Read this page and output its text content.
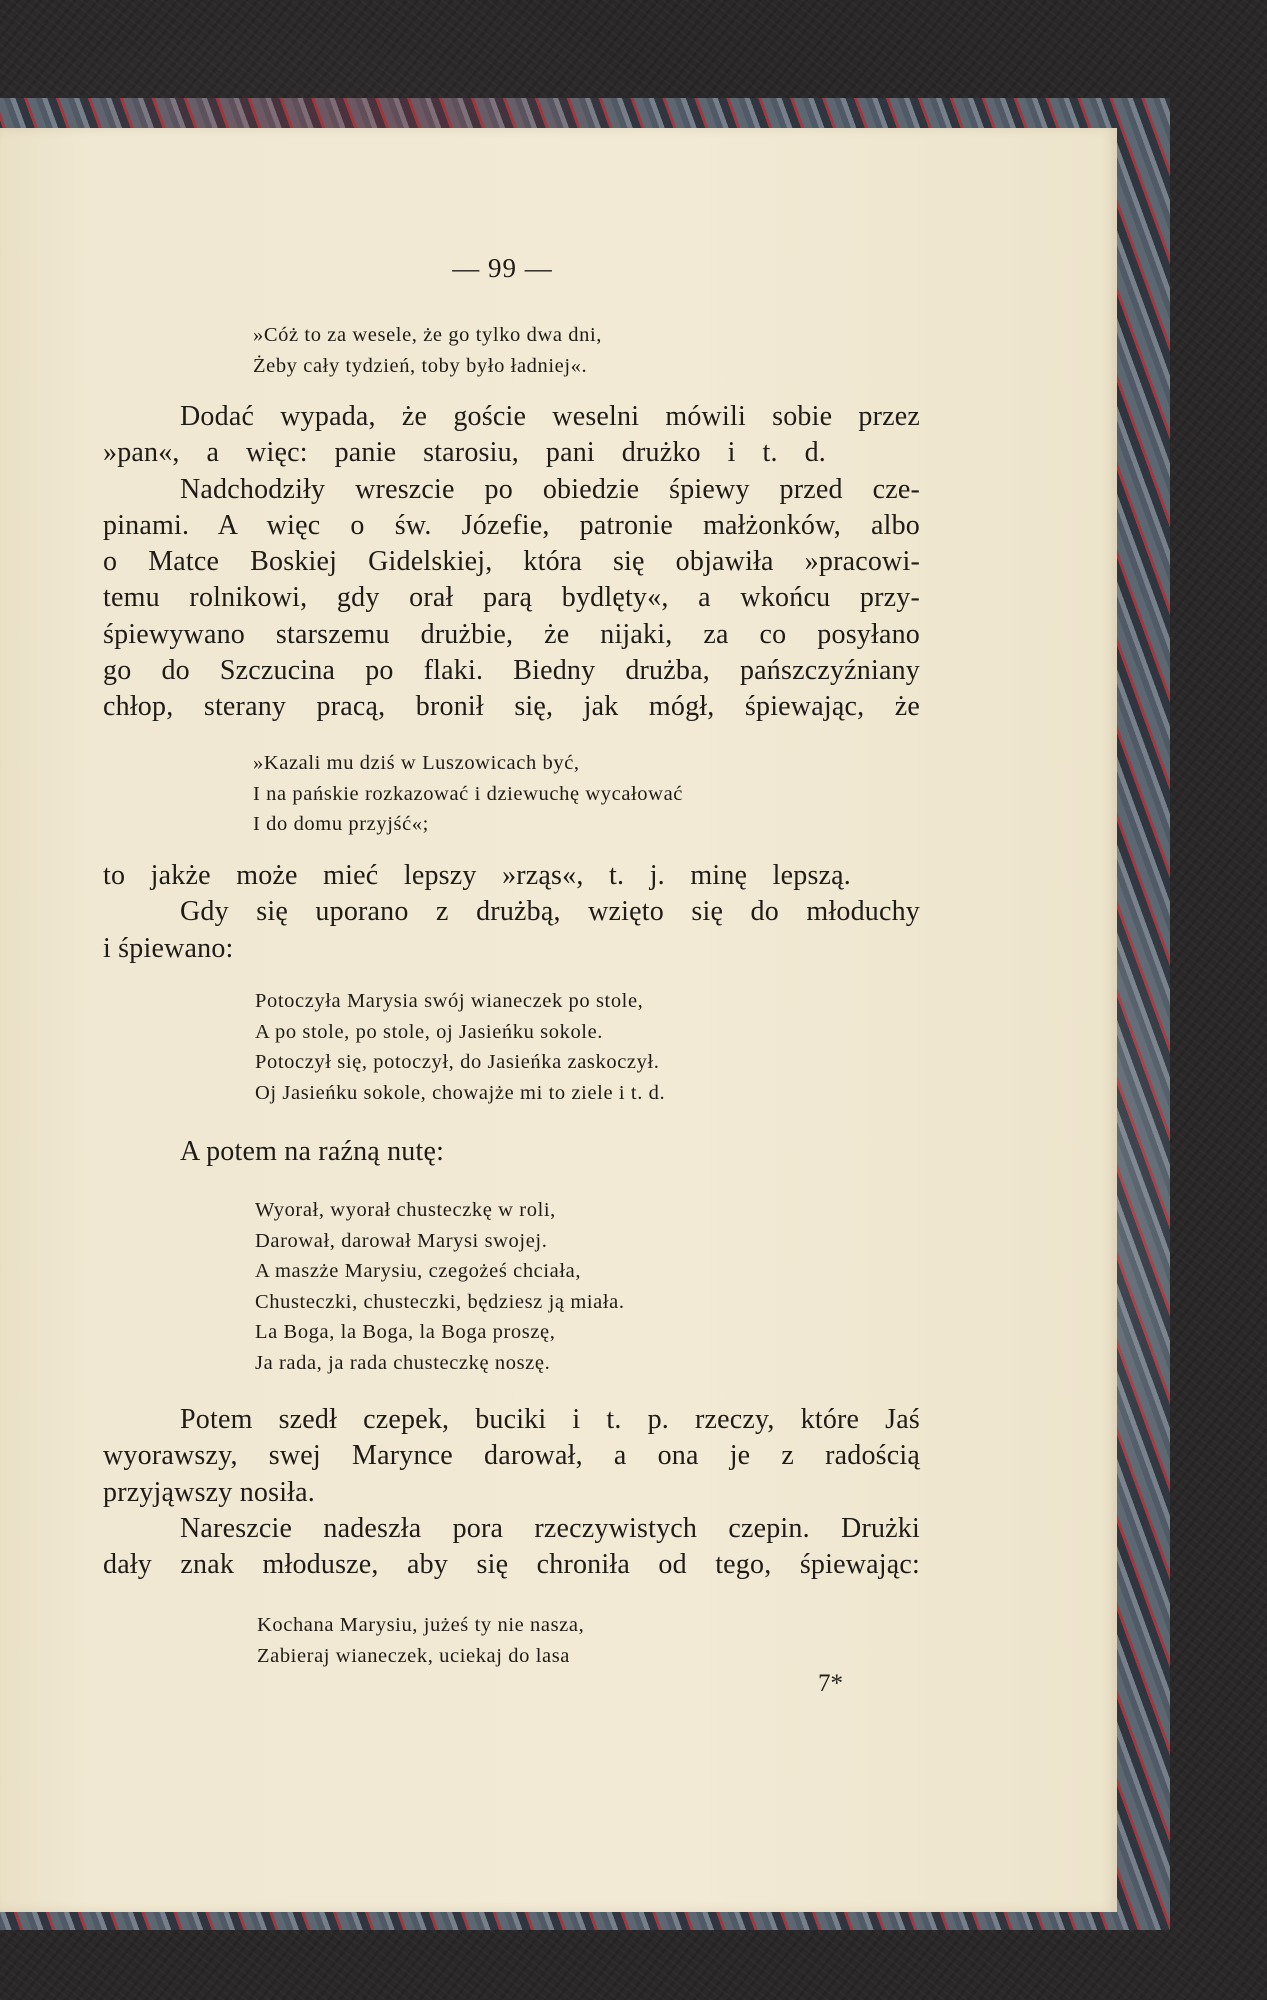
— 99 —
»Cóż to za wesele, że go tylko dwa dni,
Żeby cały tydzień, toby było ładniej«.
Dodać wypada, że goście weselni mówili sobie przez
»pan«, a więc: panie starosiu, pani drużko i t. d.
Nadchodziły wreszcie po obiedzie śpiewy przed cze-
pinami. A więc o św. Józefie, patronie małżonków, albo
o Matce Boskiej Gidelskiej, która się objawiła »pracowi-
temu rolnikowi, gdy orał parą bydlęty«, a wkońcu przy-
śpiewywano starszemu drużbie, że nijaki, za co posyłano
go do Szczucina po flaki. Biedny drużba, pańszczyźniany
chłop, sterany pracą, bronił się, jak mógł, śpiewając, że
»Kazali mu dziś w Luszowicach być,
I na pańskie rozkazować i dziewuchę wycałować
I do domu przyjść«;
to jakże może mieć lepszy »rząs«, t. j. minę lepszą.
Gdy się uporano z drużbą, wzięto się do młoduchy
i śpiewano:
Potoczyła Marysia swój wianeczek po stole,
A po stole, po stole, oj Jasieńku sokole.
Potoczył się, potoczył, do Jasieńka zaskoczył.
Oj Jasieńku sokole, chowajże mi to ziele i t. d.
A potem na raźną nutę:
Wyorał, wyorał chusteczkę w roli,
Darował, darował Marysi swojej.
A maszże Marysiu, czegożeś chciała,
Chusteczki, chusteczki, będziesz ją miała.
La Boga, la Boga, la Boga proszę,
Ja rada, ja rada chusteczkę noszę.
Potem szedł czepek, buciki i t. p. rzeczy, które Jaś
wyorawszy, swej Marynce darował, a ona je z radością
przyjąwszy nosiła.
Nareszcie nadeszła pora rzeczywistych czepin. Drużki
dały znak młodusze, aby się chroniła od tego, śpiewając:
Kochana Marysiu, jużeś ty nie nasza,
Zabieraj wianeczek, uciekaj do lasa
7*
